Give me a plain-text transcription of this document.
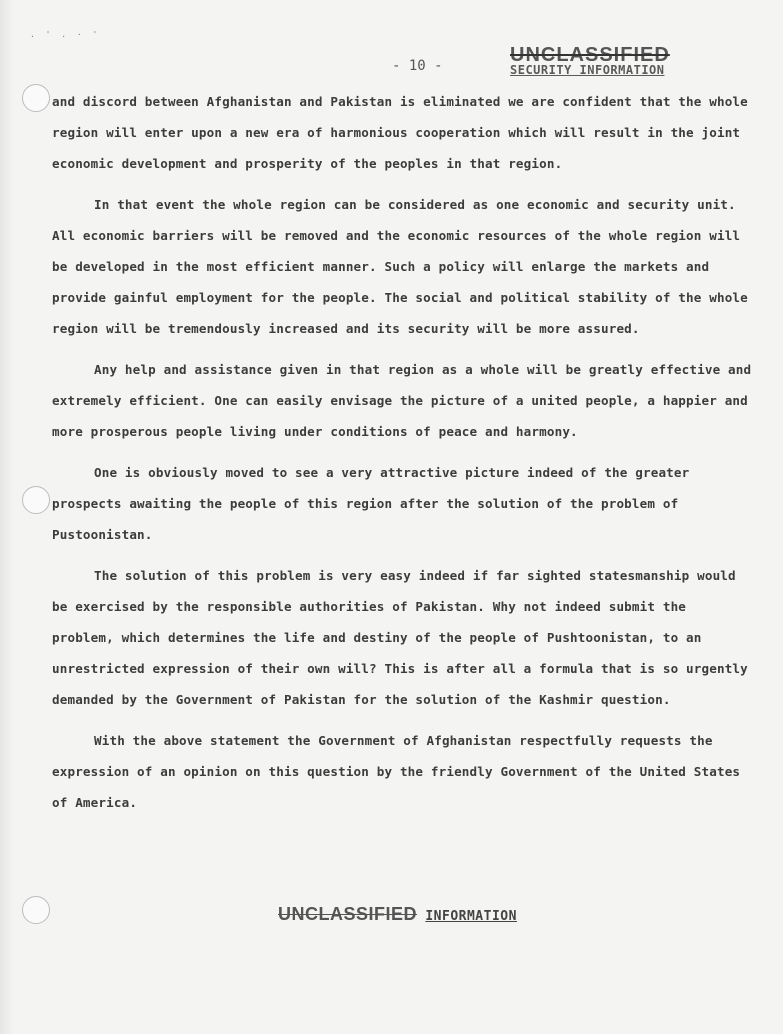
. ' . · '
- 10 -	UNCLASSIFIED
SECURITY INFORMATION

and discord between Afghanistan and Pakistan is eliminated we are confident that the whole region will enter upon a new era of harmonious cooperation which will result in the joint economic development and prosperity of the peoples in that region.

In that event the whole region can be considered as one economic and security unit. All economic barriers will be removed and the economic resources of the whole region will be developed in the most efficient manner. Such a policy will enlarge the markets and provide gainful employment for the people. The social and political stability of the whole region will be tremendously increased and its security will be more assured.

Any help and assistance given in that region as a whole will be greatly effective and extremely efficient. One can easily envisage the picture of a united people, a happier and more prosperous people living under conditions of peace and harmony.

One is obviously moved to see a very attractive picture indeed of the greater prospects awaiting the people of this region after the solution of the problem of Pustoonistan.

The solution of this problem is very easy indeed if far sighted statesmanship would be exercised by the responsible authorities of Pakistan. Why not indeed submit the problem, which determines the life and destiny of the people of Pushtoonistan, to an unrestricted expression of their own will? This is after all a formula that is so urgently demanded by the Government of Pakistan for the solution of the Kashmir question.

With the above statement the Government of Afghanistan respectfully requests the expression of an opinion on this question by the friendly Government of the United States of America.

UNCLASSIFIED INFORMATION
